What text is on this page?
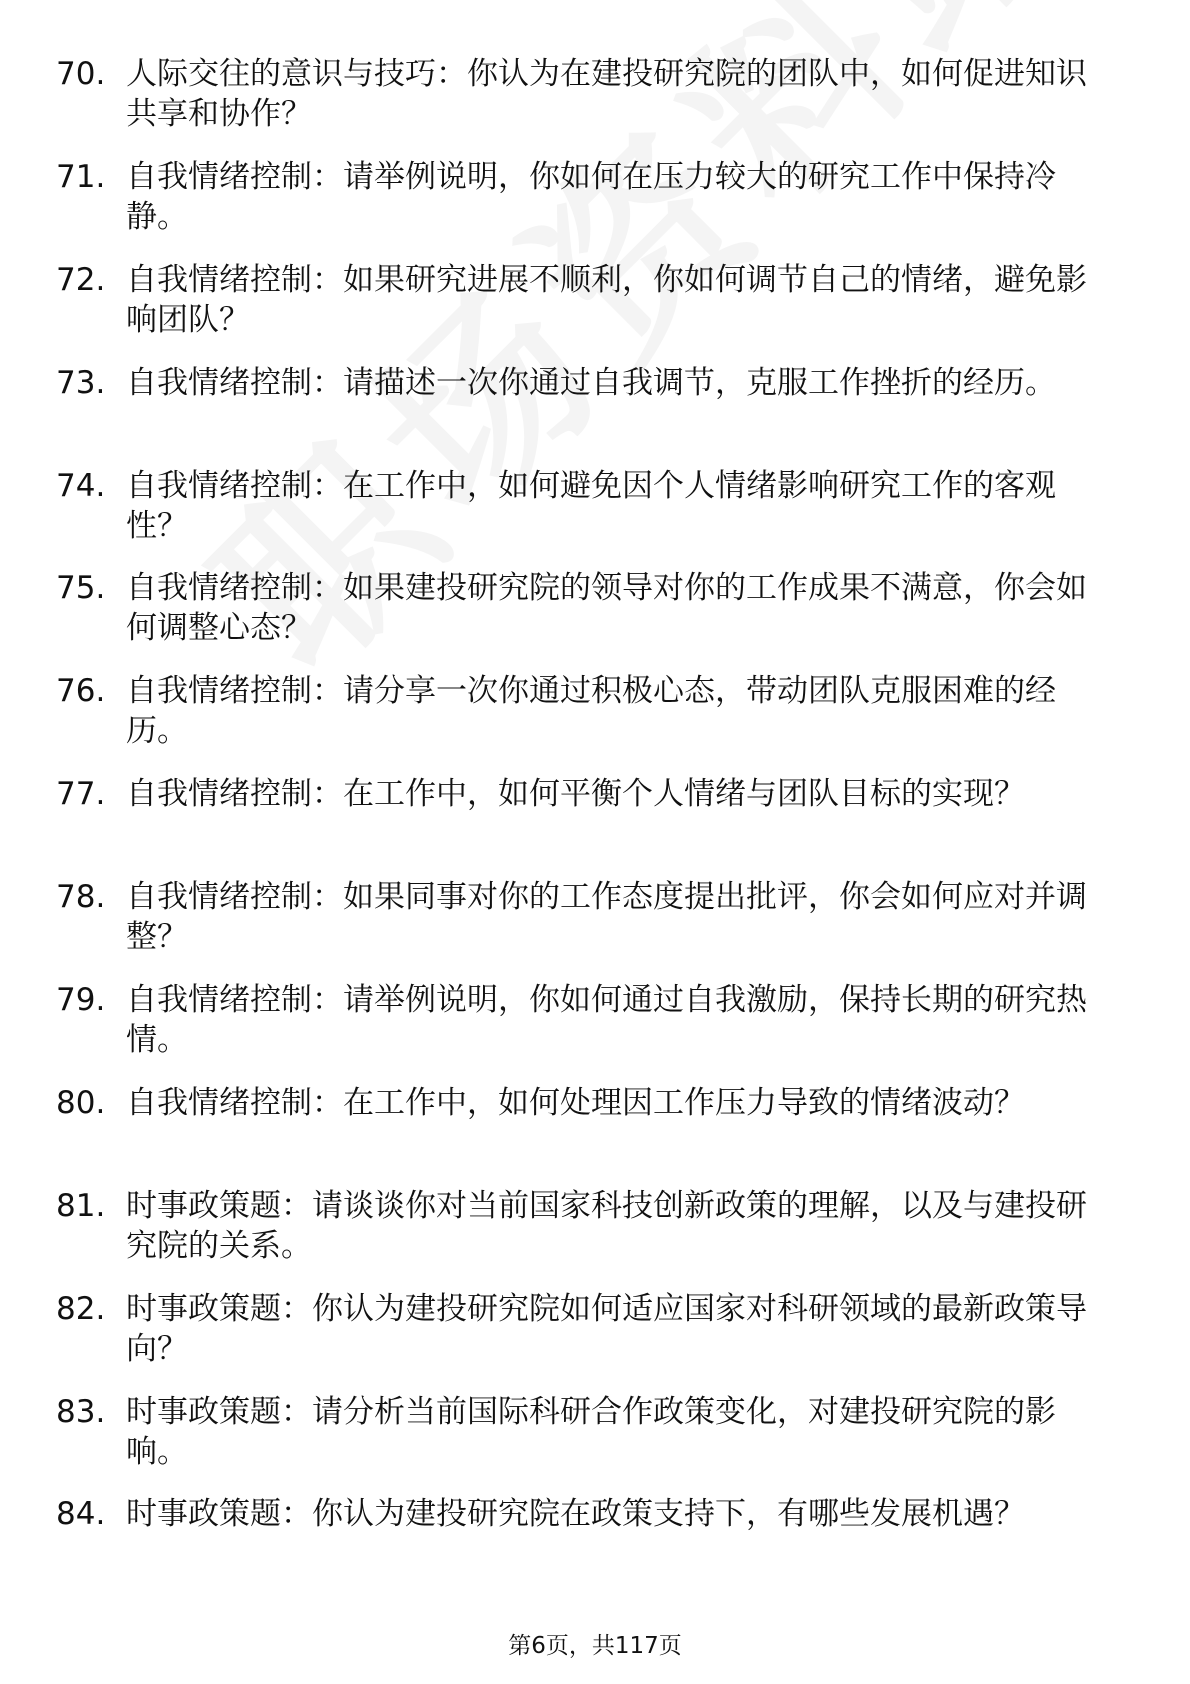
70. 人际交往的意识与技巧：你认为在建投研究院的团队中，如何促进知识共享和协作？

71. 自我情绪控制：请举例说明，你如何在压力较大的研究工作中保持冷静。

72. 自我情绪控制：如果研究进展不顺利，你如何调节自己的情绪，避免影响团队？

73. 自我情绪控制：请描述一次你通过自我调节，克服工作挫折的经历。

74. 自我情绪控制：在工作中，如何避免因个人情绪影响研究工作的客观性？

75. 自我情绪控制：如果建投研究院的领导对你的工作成果不满意，你会如何调整心态？

76. 自我情绪控制：请分享一次你通过积极心态，带动团队克服困难的经历。

77. 自我情绪控制：在工作中，如何平衡个人情绪与团队目标的实现？

78. 自我情绪控制：如果同事对你的工作态度提出批评，你会如何应对并调整？

79. 自我情绪控制：请举例说明，你如何通过自我激励，保持长期的研究热情。

80. 自我情绪控制：在工作中，如何处理因工作压力导致的情绪波动？

81. 时事政策题：请谈谈你对当前国家科技创新政策的理解，以及与建投研究院的关系。

82. 时事政策题：你认为建投研究院如何适应国家对科研领域的最新政策导向？

83. 时事政策题：请分析当前国际科研合作政策变化，对建投研究院的影响。

84. 时事政策题：你认为建投研究院在政策支持下，有哪些发展机遇？

第6页，共117页
